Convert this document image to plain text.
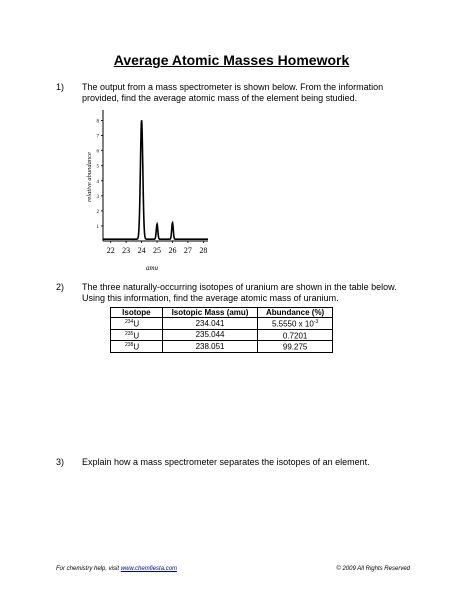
Average Atomic Masses Homework
1) The output from a mass spectrometer is shown below. From the information provided, find the average atomic mass of the element being studied.
relative abundance
amu
22 23 24 25 26 27 28
1
2
3
4
5
6
7
8
2) The three naturally-occurring isotopes of uranium are shown in the table below. Using this information, find the average atomic mass of uranium.
Isotope	Isotopic Mass (amu)	Abundance (%)
$^{234}$U	234.041	5.5550 x $10^{-3}$
$^{235}$U	235.044	0.7201
$^{238}$U	238.051	99.275
3) Explain how a mass spectrometer separates the isotopes of an element.
For chemistry help, visit www.chemfiesta.com	© 2009 All Rights Reserved
